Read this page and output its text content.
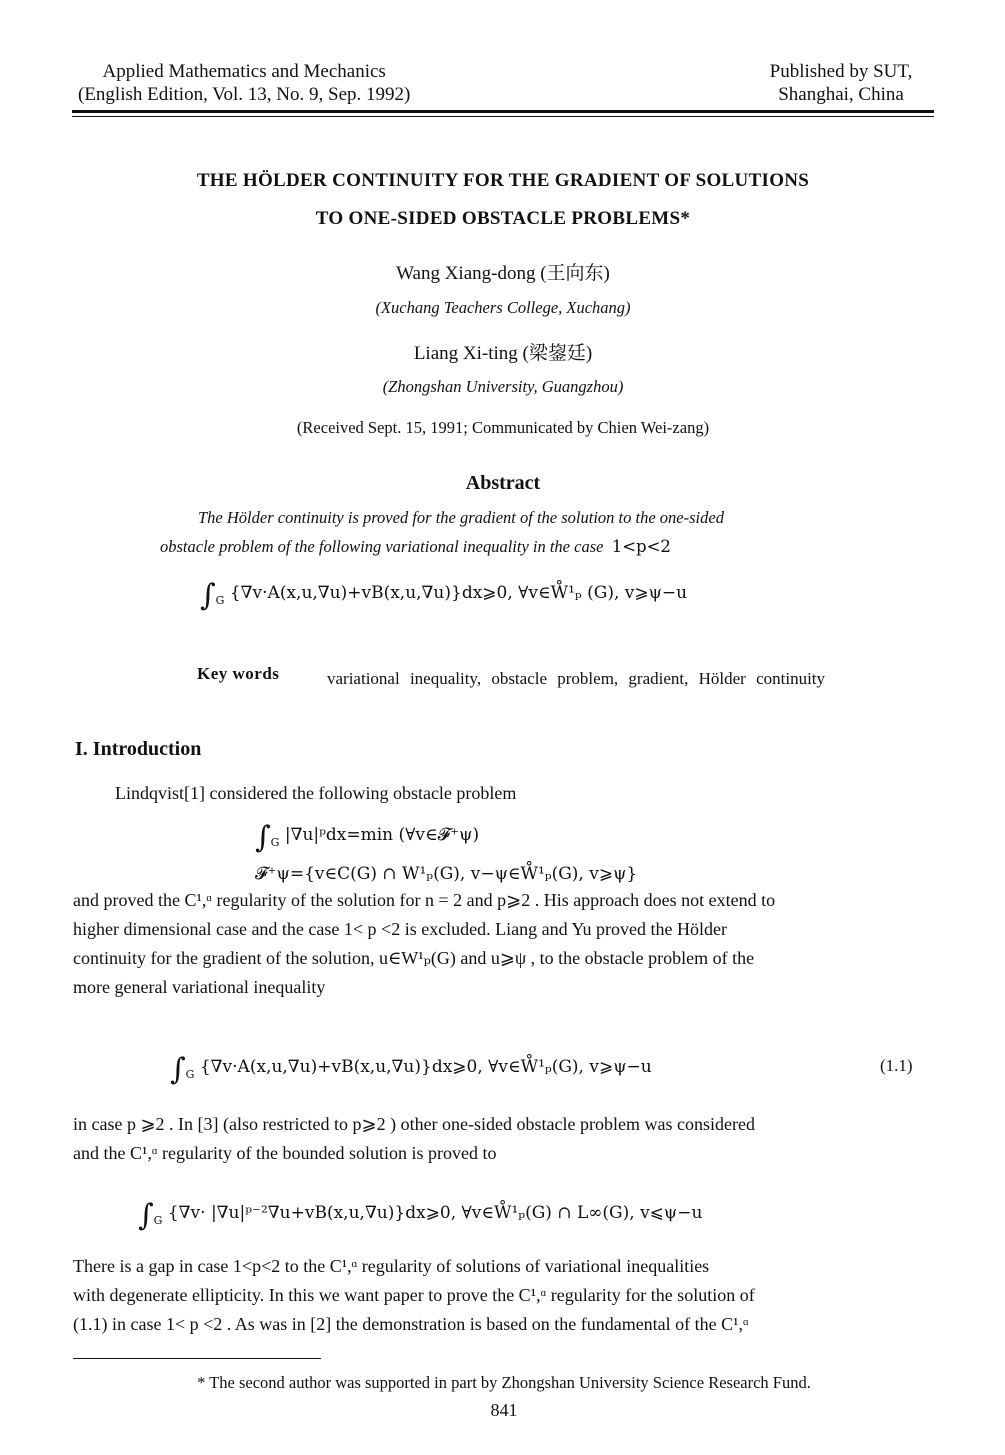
Applied Mathematics and Mechanics
(English Edition, Vol. 13, No. 9, Sep. 1992)
Published by SUT,
Shanghai, China
THE HÖLDER CONTINUITY FOR THE GRADIENT OF SOLUTIONS
TO ONE-SIDED OBSTACLE PROBLEMS*
Wang Xiang-dong (王向东)
(Xuchang Teachers College, Xuchang)
Liang Xi-ting (梁鋆廷)
(Zhongshan University, Guangzhou)
(Received Sept. 15, 1991; Communicated by Chien Wei-zang)
Abstract
The Hölder continuity is proved for the gradient of the solution to the one-sided
obstacle problem of the following variational inequality in the case 1<p<2
$\int_G$ {∇v·A(x,u,∇u)+vB(x,u,∇u)}dx⩾0, ∀v∈W̊¹ₚ (G), v⩾ψ−u
Key words	variational inequality, obstacle problem, gradient, Hölder continuity
I. Introduction
Lindqvist[1] considered the following obstacle problem
$\int_G$ |∇u|ᵖdx=min (∀v∈𝓕⁺ψ)
𝓕⁺ψ={v∈C(G) ∩ W¹ₚ(G), v−ψ∈W̊¹ₚ(G), v⩾ψ}
and proved the C¹,ᵅ regularity of the solution for n = 2 and p⩾2 . His approach does not extend to
higher dimensional case and the case 1< p <2 is excluded. Liang and Yu proved the Hölder
continuity for the gradient of the solution, u∈W¹ₚ(G) and u⩾ψ , to the obstacle problem of the
more general variational inequality
$\int_G$ {∇v·A(x,u,∇u)+vB(x,u,∇u)}dx⩾0, ∀v∈W̊¹ₚ(G), v⩾ψ−u	(1.1)
in case p ⩾2 . In [3] (also restricted to p⩾2 ) other one-sided obstacle problem was considered
and the C¹,ᵅ regularity of the bounded solution is proved to
$\int_G$ {∇v· |∇u|ᵖ⁻²∇u+vB(x,u,∇u)}dx⩾0, ∀v∈W̊¹ₚ(G) ∩ L∞(G), v⩽ψ−u
There is a gap in case 1<p<2 to the C¹,ᵅ regularity of solutions of variational inequalities
with degenerate ellipticity. In this we want paper to prove the C¹,ᵅ regularity for the solution of
(1.1) in case 1< p <2 . As was in [2] the demonstration is based on the fundamental of the C¹,ᵅ
* The second author was supported in part by Zhongshan University Science Research Fund.
841
